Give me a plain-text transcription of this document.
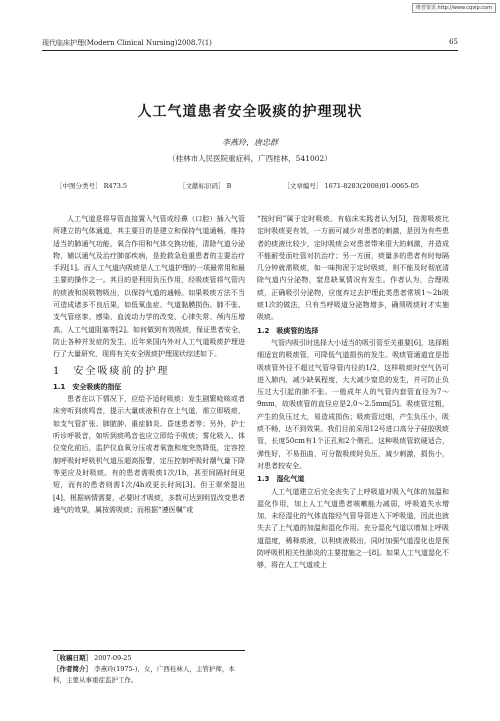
维普资讯 http://www.cqvip.com
现代临床护理(Modern Clinical Nursing)2008.7(1)	65
人工气道患者安全吸痰的护理现状
李燕玲，唐忠群
（桂林市人民医院重症科，广西桂林，541002）
［中图分类号］ R473.5	［文献标识码］ B	［文章编号］ 1671-8283(2008)01-0065-05

人工气道是将导管直接置入气管或经鼻（口腔）插入气管所建立的气体通道，其主要目的是建立和保持气道通畅，维持适当的肺通气功能，氧合作用和气体交换功能，清除气道分泌物，辅以通气及治疗肺部疾病，是抢救急危重患者的主要治疗手段[1]。而人工气道内吸痰是人工气道护理的一项最常用和最主要的操作之一。其目的是利用负压作用，经吸痰管将气管内的痰液和误吸物吸出，以保持气道的通畅。如果吸痰方法不当可造成诸多不良后果，如低氧血症、气道黏膜损伤、肺不张、支气管痉挛、感染、血流动力学的改变、心律失常、颅内压增高、人工气道阻塞等[2]。如何做到有效吸痰，保证患者安全，防止各种并发症的发生，近年来国内外对人工气道吸痰护理进行了大量研究，现将有关安全吸痰护理现状综述如下。

1　安全吸痰前的护理
1.1　安全吸痰的指征

患者在以下情况下，应给予适时吸痰：发生剧繁呛咳或者床旁听到痰鸣音，提示大量痰液积存在上气道，需立即吸痰，如支气管扩张、肺脓肿、重症肺炎、昏迷患者等；另外，护士听诊呼吸音，如听到痰鸣音也应立即给予吸痰；雾化吸入、体位变化前后，监护仪血氧分压或者氧饱和度突然降低，定容控制呼吸时呼吸机气道压超高报警，定压控制呼吸时潮气量下降等更应及时吸痰。有的患者需吸痰1次/1h，甚至间隔时间更短，而有的患者则需1次/4h或更长时间[3]。但王翠荣提出[4]，根据病情需要，必要时才吸痰，多数可达到明显改变患者通气的效果，属按需吸痰；而根据“遵医嘱”或

［收稿日期］ 2007-09-25
［作者简介］ 李燕玲(1975-)，女，广西桂林人，主管护师，本科，主要从事重症监护工作。

“按时间”属于定时吸痰。有临床实践者认为[5]，按需吸痰比定时吸痰更有效，一方面可减少对患者的刺激，是因为有些患者的痰液比较少，定时吸痰会对患者带来很大的刺激，并造成不能耐受而吐管对抗治疗；另一方面，痰量多的患者有时每隔几分钟就需吸痰，如一味拘泥于定时吸痰，则不能及时彻底清除气道内分泌物，窒息缺氧情况有发生。作者认为，合理吸痰，正确吸引分泌物，应度弃过去护理此类患者常规1～2h吸痰1次的做法，只有当呼吸道分泌物增多，确须吸痰时才实施吸痰。

1.2　吸痰管的选择

气管内吸引时选择大小适当的吸引管至关重要[6]，选择粗细适宜的吸痰管，可降低气道损伤的发生。吸痰管通道宜是指吸痰管外径不超过气管导管内径的1/2，这样吸痰时空气仍可进入肺内，减少缺氧程度，大大减少窒息的发生，并可防止负压过大引起的肺不张。一般成年人的气管内套管直径为7～9mm，故吸痰管的直径应是2.0～2.5mm[5]。吸痰管过粗，产生的负压过大，易造成损伤；吸痰管过细，产生负压小，吸痰不畅，达不到效果。我们目前采用12号进口高分子硅胶吸痰管，长度50cm有1个正孔和2个侧孔，这种吸痰管软硬适合，弹性好，不易扭曲，可分散吸痰时负压，减少刺激，损伤小，对患者较安全。

1.3　湿化气道

人工气道建立后完全丧失了上呼吸道对吸入气体的加温和湿化作用，加上人工气道患者咳嗽能力减弱，呼吸道失水增加，未经湿化的气体直接经气管导管进入下呼吸道，因此也就失去了上气道的加温和湿化作用。充分湿化气道以增加上呼吸道湿度，稀释痰液，以利痰液吸出，同时加强气道湿化也是预防呼吸机相关性肺炎的主要措施之一[8]。如果人工气道湿化不够，将在人工气道或上
